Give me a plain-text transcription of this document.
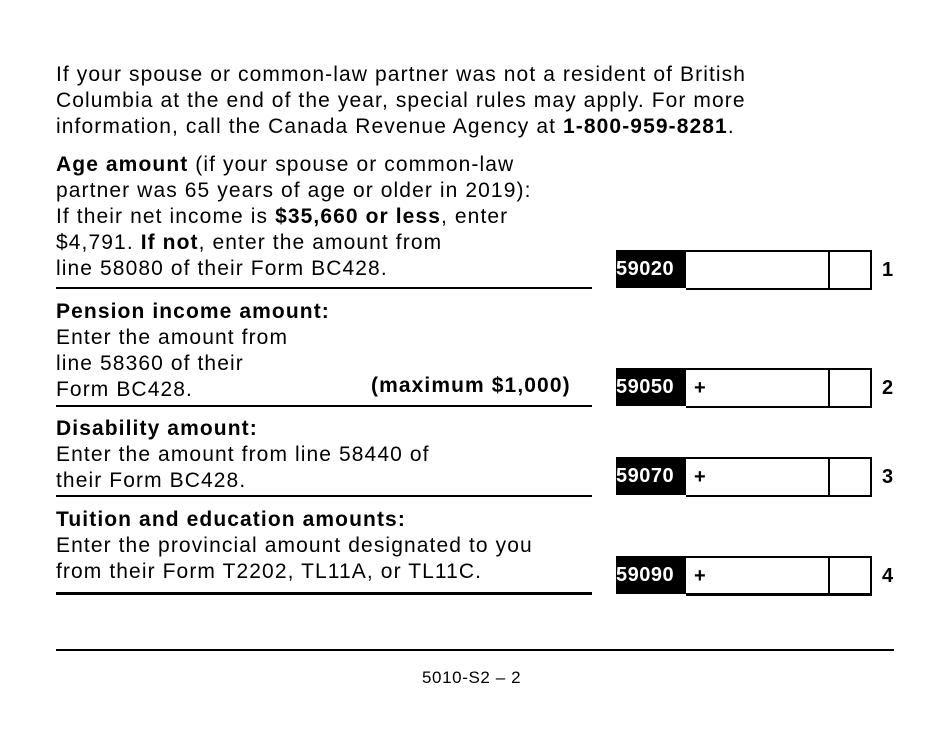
If your spouse or common-law partner was not a resident of British
Columbia at the end of the year, special rules may apply. For more
information, call the Canada Revenue Agency at 1-800-959-8281.
Age amount (if your spouse or common-law
partner was 65 years of age or older in 2019):
If their net income is $35,660 or less, enter
$4,791. If not, enter the amount from
line 58080 of their Form BC428.	59020	1
Pension income amount:
Enter the amount from
line 58360 of their
Form BC428.	(maximum $1,000) 59050 +	2
Disability amount:
Enter the amount from line 58440 of
their Form BC428.	59070 +	3
Tuition and education amounts:
Enter the provincial amount designated to you
from their Form T2202, TL11A, or TL11C.	59090 +	4
5010-S2 – 2
